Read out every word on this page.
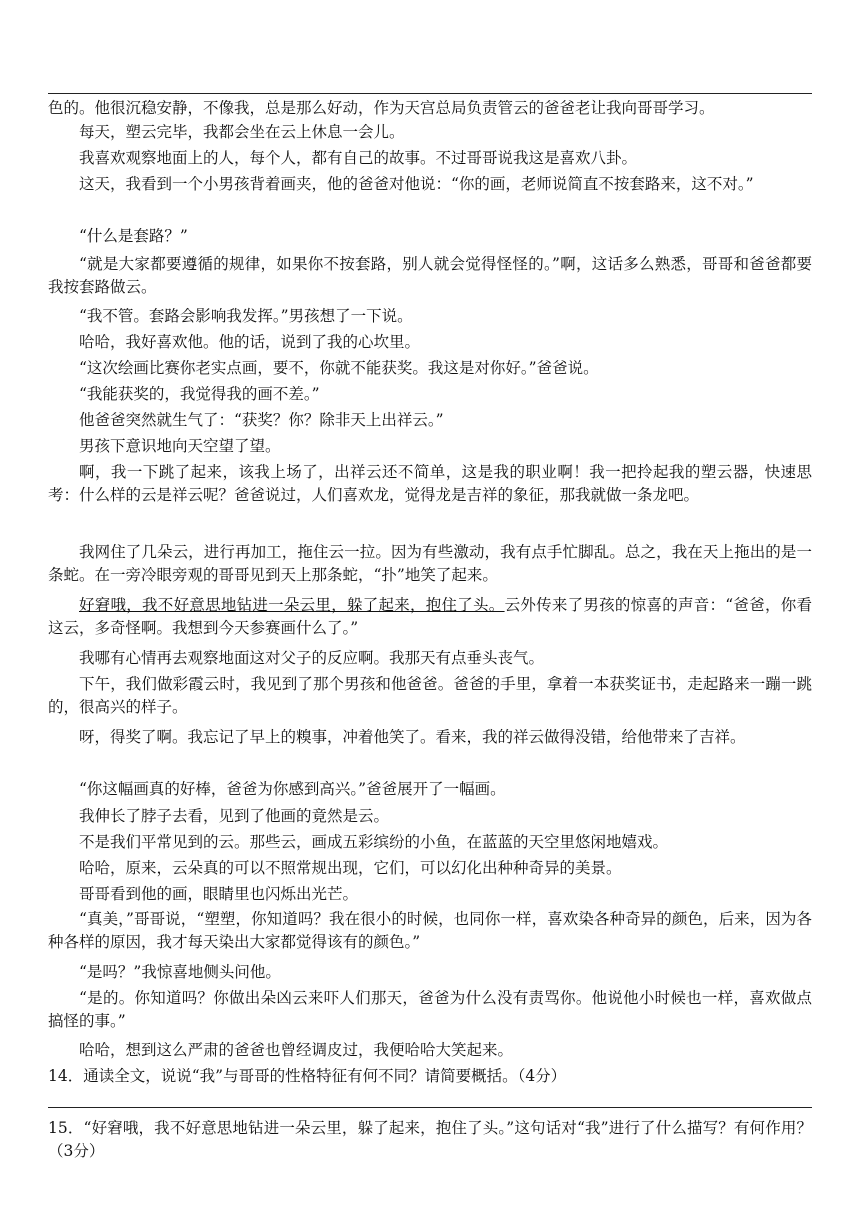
色的。他很沉稳安静，不像我，总是那么好动，作为天宫总局负责管云的爸爸老让我向哥哥学习。

每天，塑云完毕，我都会坐在云上休息一会儿。

我喜欢观察地面上的人，每个人，都有自己的故事。不过哥哥说我这是喜欢八卦。

这天，我看到一个小男孩背着画夹，他的爸爸对他说：“你的画，老师说简直不按套路来，这不对。”

“什么是套路？”

“就是大家都要遵循的规律，如果你不按套路，别人就会觉得怪怪的。”啊，这话多么熟悉，哥哥和爸爸都要我按套路做云。

“我不管。套路会影响我发挥。”男孩想了一下说。

哈哈，我好喜欢他。他的话，说到了我的心坎里。

“这次绘画比赛你老实点画，要不，你就不能获奖。我这是对你好。”爸爸说。

“我能获奖的，我觉得我的画不差。”

他爸爸突然就生气了：“获奖？你？除非天上出祥云。”

男孩下意识地向天空望了望。

啊，我一下跳了起来，该我上场了，出祥云还不简单，这是我的职业啊！我一把拎起我的塑云器，快速思考：什么样的云是祥云呢？爸爸说过，人们喜欢龙，觉得龙是吉祥的象征，那我就做一条龙吧。

我网住了几朵云，进行再加工，拖住云一拉。因为有些激动，我有点手忙脚乱。总之，我在天上拖出的是一条蛇。在一旁冷眼旁观的哥哥见到天上那条蛇，“扑”地笑了起来。

好窘哦，我不好意思地钻进一朵云里，躲了起来，抱住了头。云外传来了男孩的惊喜的声音：“爸爸，你看这云，多奇怪啊。我想到今天参赛画什么了。”

我哪有心情再去观察地面这对父子的反应啊。我那天有点垂头丧气。

下午，我们做彩霞云时，我见到了那个男孩和他爸爸。爸爸的手里，拿着一本获奖证书，走起路来一蹦一跳的，很高兴的样子。

呀，得奖了啊。我忘记了早上的糗事，冲着他笑了。看来，我的祥云做得没错，给他带来了吉祥。

“你这幅画真的好棒，爸爸为你感到高兴。”爸爸展开了一幅画。

我伸长了脖子去看，见到了他画的竟然是云。

不是我们平常见到的云。那些云，画成五彩缤纷的小鱼，在蓝蓝的天空里悠闲地嬉戏。

哈哈，原来，云朵真的可以不照常规出现，它们，可以幻化出种种奇异的美景。

哥哥看到他的画，眼睛里也闪烁出光芒。

“真美，”哥哥说，“塑塑，你知道吗？我在很小的时候，也同你一样，喜欢染各种奇异的颜色，后来，因为各种各样的原因，我才每天染出大家都觉得该有的颜色。”

“是吗？”我惊喜地侧头问他。

“是的。你知道吗？你做出朵凶云来吓人们那天，爸爸为什么没有责骂你。他说他小时候也一样，喜欢做点搞怪的事。”

哈哈，想到这么严肃的爸爸也曾经调皮过，我便哈哈大笑起来。

14．通读全文，说说“我”与哥哥的性格特征有何不同？请简要概括。（4分）

15．“好窘哦，我不好意思地钻进一朵云里，躲了起来，抱住了头。”这句话对“我”进行了什么描写？有何作用？（3分）
